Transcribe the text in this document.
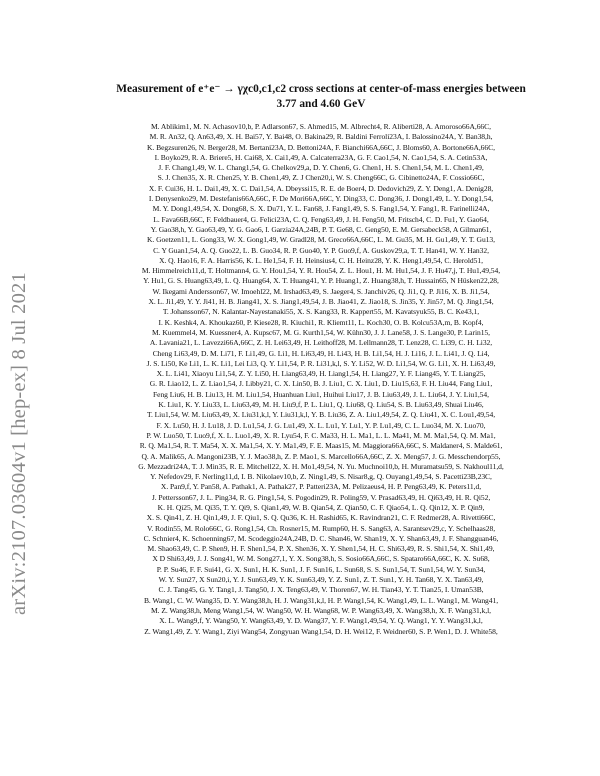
arXiv:2107.03604v1 [hep-ex] 8 Jul 2021
Measurement of e⁺e⁻ → γχc0,c1,c2 cross sections at center-of-mass energies between
3.77 and 4.60 GeV
M. Ablikim1, M. N. Achasov10,b, P. Adlarson67, S. Ahmed15, M. Albrecht4, R. Aliberti28, A. Amoroso66A,66C,
M. R. An32, Q. An63,49, X. H. Bai57, Y. Bai48, O. Bakina29, R. Baldini Ferroli23A, I. Balossino24A, Y. Ban38,h,
K. Begzsuren26, N. Berger28, M. Bertani23A, D. Bettoni24A, F. Bianchi66A,66C, J. Bloms60, A. Bortone66A,66C,
I. Boyko29, R. A. Briere5, H. Cai68, X. Cai1,49, A. Calcaterra23A, G. F. Cao1,54, N. Cao1,54, S. A. Cetin53A,
J. F. Chang1,49, W. L. Chang1,54, G. Chelkov29,a, D. Y. Chen6, G. Chen1, H. S. Chen1,54, M. L. Chen1,49,
S. J. Chen35, X. R. Chen25, Y. B. Chen1,49, Z. J Chen20,i, W. S. Cheng66C, G. Cibinetto24A, F. Cossio66C,
X. F. Cui36, H. L. Dai1,49, X. C. Dai1,54, A. Dbeyssi15, R. E. de Boer4, D. Dedovich29, Z. Y. Deng1, A. Denig28,
I. Denysenko29, M. Destefanis66A,66C, F. De Mori66A,66C, Y. Ding33, C. Dong36, J. Dong1,49, L. Y. Dong1,54,
M. Y. Dong1,49,54, X. Dong68, S. X. Du71, Y. L. Fan68, J. Fang1,49, S. S. Fang1,54, Y. Fang1, R. Farinelli24A,
L. Fava66B,66C, F. Feldbauer4, G. Felici23A, C. Q. Feng63,49, J. H. Feng50, M. Fritsch4, C. D. Fu1, Y. Gao64,
Y. Gao38,h, Y. Gao63,49, Y. G. Gao6, I. Garzia24A,24B, P. T. Ge68, C. Geng50, E. M. Gersabeck58, A Gilman61,
K. Goetzen11, L. Gong33, W. X. Gong1,49, W. Gradl28, M. Greco66A,66C, L. M. Gu35, M. H. Gu1,49, Y. T. Gu13,
C. Y Guan1,54, A. Q. Guo22, L. B. Guo34, R. P. Guo40, Y. P. Guo9,f, A. Guskov29,a, T. T. Han41, W. Y. Han32,
X. Q. Hao16, F. A. Harris56, K. L. He1,54, F. H. Heinsius4, C. H. Heinz28, Y. K. Heng1,49,54, C. Herold51,
M. Himmelreich11,d, T. Holtmann4, G. Y. Hou1,54, Y. R. Hou54, Z. L. Hou1, H. M. Hu1,54, J. F. Hu47,j, T. Hu1,49,54,
Y. Hu1, G. S. Huang63,49, L. Q. Huang64, X. T. Huang41, Y. P. Huang1, Z. Huang38,h, T. Hussain65, N Hüsken22,28,
W. Ikegami Andersson67, W. Imoehl22, M. Irshad63,49, S. Jaeger4, S. Janchiv26, Q. Ji1, Q. P. Ji16, X. B. Ji1,54,
X. L. Ji1,49, Y. Y. Ji41, H. B. Jiang41, X. S. Jiang1,49,54, J. B. Jiao41, Z. Jiao18, S. Jin35, Y. Jin57, M. Q. Jing1,54,
T. Johansson67, N. Kalantar-Nayestanaki55, X. S. Kang33, R. Kappert55, M. Kavatsyuk55, B. C. Ke43,1,
I. K. Keshk4, A. Khoukaz60, P. Kiese28, R. Kiuchi1, R. Kliemt11, L. Koch30, O. B. Kolcu53A,m, B. Kopf4,
M. Kuemmel4, M. Kuessner4, A. Kupsc67, M. G. Kurth1,54, W. Kühn30, J. J. Lane58, J. S. Lange30, P. Larin15,
A. Lavania21, L. Lavezzi66A,66C, Z. H. Lei63,49, H. Leithoff28, M. Lellmann28, T. Lenz28, C. Li39, C. H. Li32,
Cheng Li63,49, D. M. Li71, F. Li1,49, G. Li1, H. Li63,49, H. Li43, H. B. Li1,54, H. J. Li16, J. L. Li41, J. Q. Li4,
J. S. Li50, Ke Li1, L. K. Li1, Lei Li3, Q. Y. Li1,54, P. R. Li31,k,l, S. Y. Li52, W. D. Li1,54, W. G. Li1, X. H. Li63,49,
X. L. Li41, Xiaoyu Li1,54, Z. Y. Li50, H. Liang63,49, H. Liang1,54, H. Liang27, Y. F. Liang45, Y. T. Liang25,
G. R. Liao12, L. Z. Liao1,54, J. Libby21, C. X. Lin50, B. J. Liu1, C. X. Liu1, D. Liu15,63, F. H. Liu44, Fang Liu1,
Feng Liu6, H. B. Liu13, H. M. Liu1,54, Huanhuan Liu1, Huihui Liu17, J. B. Liu63,49, J. L. Liu64, J. Y. Liu1,54,
K. Liu1, K. Y. Liu33, L. Liu63,49, M. H. Liu9,f, P. L. Liu1, Q. Liu68, Q. Liu54, S. B. Liu63,49, Shuai Liu46,
T. Liu1,54, W. M. Liu63,49, X. Liu31,k,l, Y. Liu31,k,l, Y. B. Liu36, Z. A. Liu1,49,54, Z. Q. Liu41, X. C. Lou1,49,54,
F. X. Lu50, H. J. Lu18, J. D. Lu1,54, J. G. Lu1,49, X. L. Lu1, Y. Lu1, Y. P. Lu1,49, C. L. Luo34, M. X. Luo70,
P. W. Luo50, T. Luo9,f, X. L. Luo1,49, X. R. Lyu54, F. C. Ma33, H. L. Ma1, L. L. Ma41, M. M. Ma1,54, Q. M. Ma1,
R. Q. Ma1,54, R. T. Ma54, X. X. Ma1,54, X. Y. Ma1,49, F. E. Maas15, M. Maggiora66A,66C, S. Maldaner4, S. Malde61,
Q. A. Malik65, A. Mangoni23B, Y. J. Mao38,h, Z. P. Mao1, S. Marcello66A,66C, Z. X. Meng57, J. G. Messchendorp55,
G. Mezzadri24A, T. J. Min35, R. E. Mitchell22, X. H. Mo1,49,54, N. Yu. Muchnoi10,b, H. Muramatsu59, S. Nakhoul11,d,
Y. Nefedov29, F. Nerling11,d, I. B. Nikolaev10,b, Z. Ning1,49, S. Nisar8,g, Q. Ouyang1,49,54, S. Pacetti23B,23C,
X. Pan9,f, Y. Pan58, A. Pathak1, A. Pathak27, P. Patteri23A, M. Pelizaeus4, H. P. Peng63,49, K. Peters11,d,
J. Pettersson67, J. L. Ping34, R. G. Ping1,54, S. Pogodin29, R. Poling59, V. Prasad63,49, H. Qi63,49, H. R. Qi52,
K. H. Qi25, M. Qi35, T. Y. Qi9, S. Qian1,49, W. B. Qian54, Z. Qian50, C. F. Qiao54, L. Q. Qin12, X. P. Qin9,
X. S. Qin41, Z. H. Qin1,49, J. F. Qiu1, S. Q. Qu36, K. H. Rashid65, K. Ravindran21, C. F. Redmer28, A. Rivetti66C,
V. Rodin55, M. Rolo66C, G. Rong1,54, Ch. Rosner15, M. Rump60, H. S. Sang63, A. Sarantsev29,c, Y. Schelhaas28,
C. Schnier4, K. Schoenning67, M. Scodeggio24A,24B, D. C. Shan46, W. Shan19, X. Y. Shan63,49, J. F. Shangguan46,
M. Shao63,49, C. P. Shen9, H. F. Shen1,54, P. X. Shen36, X. Y. Shen1,54, H. C. Shi63,49, R. S. Shi1,54, X. Shi1,49,
X D Shi63,49, J. J. Song41, W. M. Song27,1, Y. X. Song38,h, S. Sosio66A,66C, S. Spataro66A,66C, K. X. Su68,
P. P. Su46, F. F. Sui41, G. X. Sun1, H. K. Sun1, J. F. Sun16, L. Sun68, S. S. Sun1,54, T. Sun1,54, W. Y. Sun34,
W. Y. Sun27, X Sun20,i, Y. J. Sun63,49, Y. K. Sun63,49, Y. Z. Sun1, Z. T. Sun1, Y. H. Tan68, Y. X. Tan63,49,
C. J. Tang45, G. Y. Tang1, J. Tang50, J. X. Teng63,49, V. Thoren67, W. H. Tian43, Y. T. Tian25, I. Uman53B,
B. Wang1, C. W. Wang35, D. Y. Wang38,h, H. J. Wang31,k,l, H. P. Wang1,54, K. Wang1,49, L. L. Wang1, M. Wang41,
M. Z. Wang38,h, Meng Wang1,54, W. Wang50, W. H. Wang68, W. P. Wang63,49, X. Wang38,h, X. F. Wang31,k,l,
X. L. Wang9,f, Y. Wang50, Y. Wang63,49, Y. D. Wang37, Y. F. Wang1,49,54, Y. Q. Wang1, Y. Y. Wang31,k,l,
Z. Wang1,49, Z. Y. Wang1, Ziyi Wang54, Zongyuan Wang1,54, D. H. Wei12, F. Weidner60, S. P. Wen1, D. J. White58,
